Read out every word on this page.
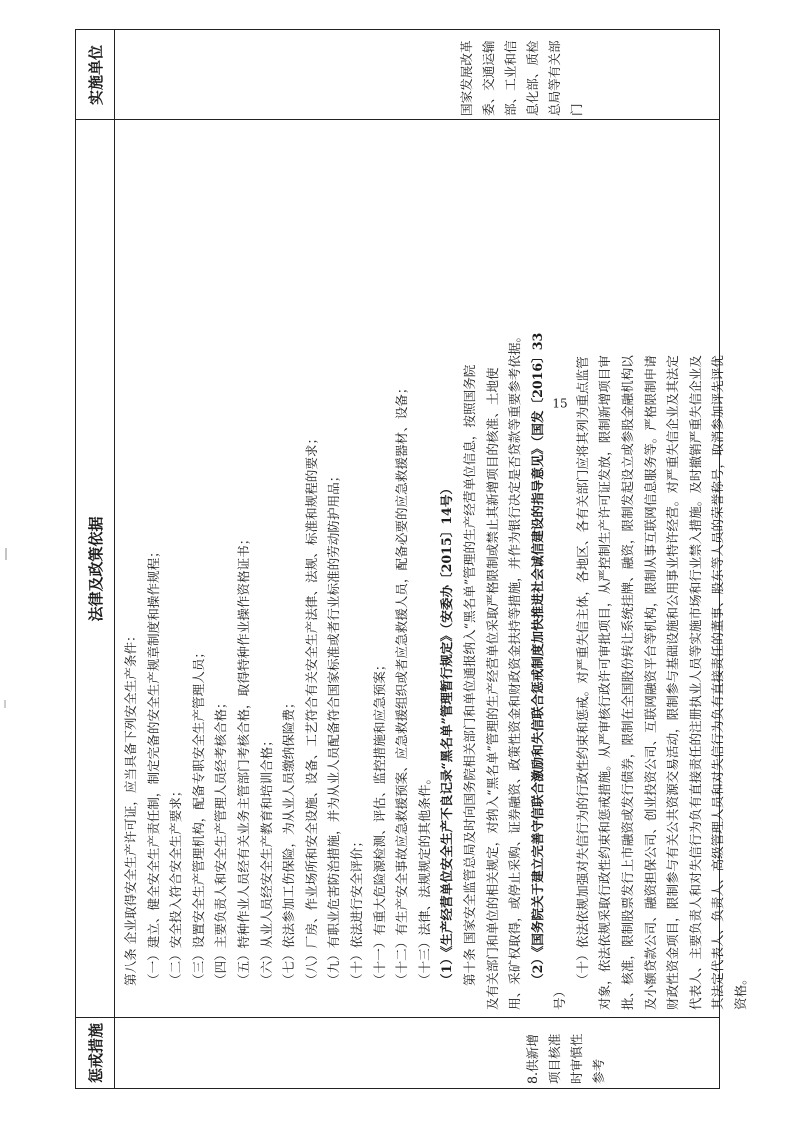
惩戒措施
法律及政策依据
实施单位
8.供新增项目核准时审慎性参考
第八条 企业取得安全生产许可证，应当具备下列安全生产条件： （一）建立、健全安全生产责任制，制定完备的安全生产规章制度和操作规程； （二）安全投入符合安全生产要求； （三）设置安全生产管理机构，配备专职安全生产管理人员； （四）主要负责人和安全生产管理人员经考核合格； （五）特种作业人员经有关业务主管部门考核合格，取得特种作业操作资格证书； （六）从业人员经安全生产教育和培训合格； （七）依法参加工伤保险，为从业人员缴纳保险费； （八）厂房、作业场所和安全设施、设备、工艺符合有关安全生产法律、法规、标准和规程的要求； （九）有职业危害防治措施，并为从业人员配备符合国家标准或者行业标准的劳动防护用品； （十）依法进行安全评价； （十一）有重大危险源检测、评估、监控措施和应急预案； （十二）有生产安全事故应急救援预案、应急救援组织或者应急救援人员，配备必要的应急救援器材、设备； （十三）法律、法规规定的其他条件。 （1）《生产经营单位安全生产不良记录“黑名单”管理暂行规定》（安委办〔2015〕14号） 第十条 国家安全监管总局及时向国务院相关部门和单位通报纳入“黑名单”管理的生产经营单位信息，按照国务院 及有关部门和单位的相关规定，对纳入“黑名单”管理的生产经营单位采取严格限制或禁止其新增项目的核准、土地使 用、采矿权取得，或停止采购、证券融资、政策性资金和财政资金扶持等措施，并作为银行决定是否贷款等重要参考依据。 （2）《国务院关于建立完善守信联合激励和失信联合惩戒制度加快推进社会诚信建设的指导意见》（国发〔2016〕33
号）
（十）依法依规加强对失信行为的行政性约束和惩戒。对严重失信主体，各地区、各有关部门应将其列为重点监管 对象，依法依规采取行政性约束和惩戒措施。从严审核行政许可审批项目，从严控制生产许可证发放，限制新增项目审 批、核准，限制股票发行上市融资或发行债券，限制在全国股份转让系统挂牌、融资，限制发起设立或参股金融机构以 及小额贷款公司、融资担保公司、创业投资公司、互联网融资平台等机构，限制从事互联网信息服务等。严格限制申请 财政性资金项目，限制参与有关公共资源交易活动，限制参与基础设施和公用事业特许经营。对严重失信企业及其法定 代表人、主要负责人和对失信行为负有直接责任的注册执业人员等实施市场和行业禁入措施。及时撤销严重失信企业及 其法定代表人、负责人、高级管理人员和对失信行为负有直接责任的董事、股东等人员的荣誉称号，取消参加评先评优 资格。
国家发展改革委、交通运输部、工业和信息化部、质检总局等有关部门
15
